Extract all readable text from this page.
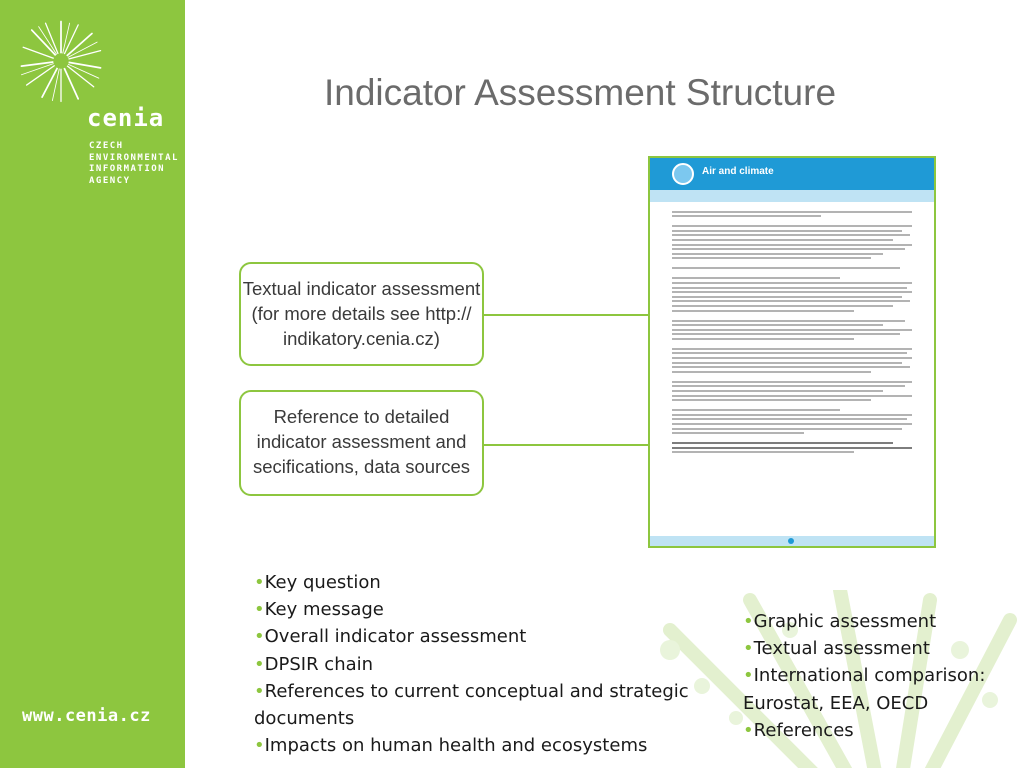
cenia
CZECH
ENVIRONMENTAL
INFORMATION
AGENCY
www.cenia.cz
Indicator Assessment Structure
Textual indicator assessment
(for more details see http://
indikatory.cenia.cz)
Reference to detailed
indicator assessment and
secifications, data sources
Air and climate
•Key question
•Key message
•Overall indicator assessment
•DPSIR chain
•References to current conceptual and strategic documents
•Impacts on human health and ecosystems
•Graphic assessment
•Textual assessment
•International comparison: Eurostat, EEA, OECD
•References
